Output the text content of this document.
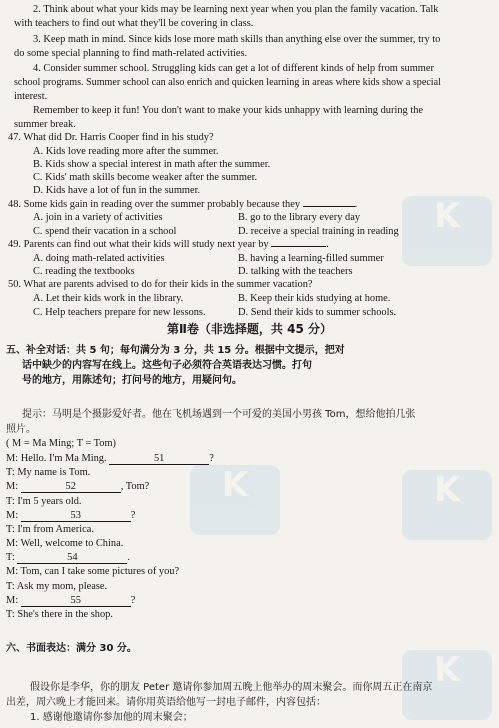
K
K
K
K
2. Think about what your kids may be learning next year when you plan the family vacation. Talk
with teachers to find out what they'll be covering in class.
3. Keep math in mind. Since kids lose more math skills than anything else over the summer, try to
do some special planning to find math-related activities.
4. Consider summer school. Struggling kids can get a lot of different kinds of help from summer
school programs. Summer school can also enrich and quicken learning in areas where kids show a special
interest.
Remember to keep it fun! You don't want to make your kids unhappy with learning during the
summer break.
47. What did Dr. Harris Cooper find in his study?
A. Kids love reading more after the summer.
B. Kids show a special interest in math after the summer.
C. Kids' math skills become weaker after the summer.
D. Kids have a lot of fun in the summer.
48. Some kids gain in reading over the summer probably because they	.
A. join in a variety of activities	B. go to the library every day
C. spend their vacation in a school	D. receive a special training in reading
49. Parents can find out what their kids will study next year by	.
A. doing math-related activities	B. having a learning-filled summer
C. reading the textbooks	D. talking with the teachers
50. What are parents advised to do for their kids in the summer vacation?
A. Let their kids work in the library.	B. Keep their kids studying at home.
C. Help teachers prepare for new lessons.	D. Send their kids to summer schools.
第Ⅱ卷（非选择题，共 45 分）
五、补全对话：共 5 句；每句满分为 3 分，共 15 分。根据中文提示，把对
话中缺少的内容写在线上。这些句子必须符合英语表达习惯。打句
号的地方，用陈述句；打问号的地方，用疑问句。
提示：马明是个摄影爱好者。他在飞机场遇到一个可爱的美国小男孩 Tom，想给他拍几张
照片。
( M = Ma Ming; T = Tom)
M: Hello. I'm Ma Ming.	51	?
T: My name is Tom.
M:	52	, Tom?
T: I'm 5 years old.
M:	53	?
T: I'm from America.
M: Well, welcome to China.
T:	54	.
M: Tom, can I take some pictures of you?
T: Ask my mom, please.
M:	55	?
T: She's there in the shop.
六、书面表达：满分 30 分。
假设你是李华，你的朋友 Peter 邀请你参加周五晚上他举办的周末聚会。而你周五正在南京
出差，周六晚上才能回来。请你用英语给他写一封电子邮件，内容包括：
1. 感谢他邀请你参加他的周末聚会；
